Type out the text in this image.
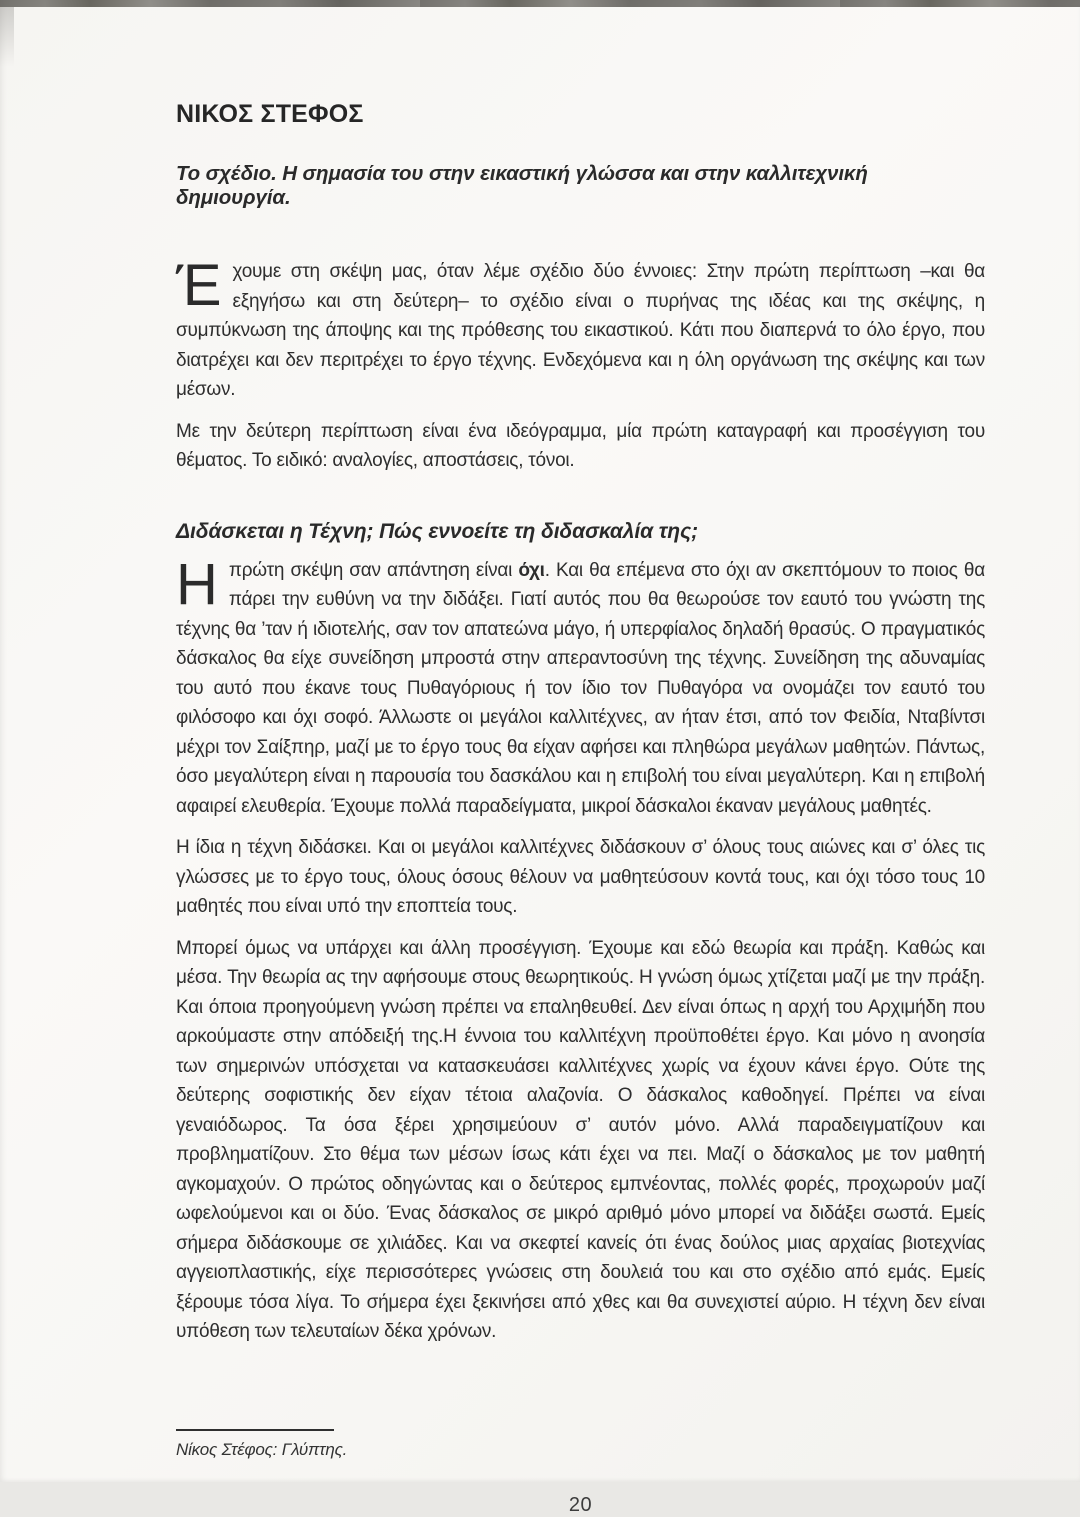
ΝΙΚΟΣ ΣΤΕΦΟΣ
Το σχέδιο. Η σημασία του στην εικαστική γλώσσα και στην καλλιτεχνική δημιουργία.

Έχουμε στη σκέψη μας, όταν λέμε σχέδιο δύο έννοιες: Στην πρώτη περίπτωση –και θα εξηγήσω και στη δεύτερη– το σχέδιο είναι ο πυρήνας της ιδέας και της σκέψης, η συμπύκνωση της άποψης και της πρόθεσης του εικαστικού. Κάτι που διαπερνά το όλο έργο, που διατρέχει και δεν περιτρέχει το έργο τέχνης. Ενδεχόμενα και η όλη οργάνωση της σκέψης και των μέσων.

Με την δεύτερη περίπτωση είναι ένα ιδεόγραμμα, μία πρώτη καταγραφή και προσέγγιση του θέματος. Το ειδικό: αναλογίες, αποστάσεις, τόνοι.

Διδάσκεται η Τέχνη; Πώς εννοείτε τη διδασκαλία της;

Ηπρώτη σκέψη σαν απάντηση είναι όχι. Και θα επέμενα στο όχι αν σκεπτόμουν το ποιος θα πάρει την ευθύνη να την διδάξει. Γιατί αυτός που θα θεωρούσε τον εαυτό του γνώστη της τέχνης θα ’ταν ή ιδιοτελής, σαν τον απατεώνα μάγο, ή υπερφίαλος δηλαδή θρασύς. Ο πραγματικός δάσκαλος θα είχε συνείδηση μπροστά στην απεραντοσύνη της τέχνης. Συνείδηση της αδυναμίας του αυτό που έκανε τους Πυθαγόριους ή τον ίδιο τον Πυθαγόρα να ονομάζει τον εαυτό του φιλόσοφο και όχι σοφό. Άλλωστε οι μεγάλοι καλλιτέχνες, αν ήταν έτσι, από τον Φειδία, Νταβίντσι μέχρι τον Σαίξπηρ, μαζί με το έργο τους θα είχαν αφήσει και πληθώρα μεγάλων μαθητών. Πάντως, όσο μεγαλύτερη είναι η παρουσία του δασκάλου και η επιβολή του είναι μεγαλύτερη. Και η επιβολή αφαιρεί ελευθερία. Έχουμε πολλά παραδείγματα, μικροί δάσκαλοι έκαναν μεγάλους μαθητές.

Η ίδια η τέχνη διδάσκει. Και οι μεγάλοι καλλιτέχνες διδάσκουν σ’ όλους τους αιώνες και σ’ όλες τις γλώσσες με το έργο τους, όλους όσους θέλουν να μαθητεύσουν κοντά τους, και όχι τόσο τους 10 μαθητές που είναι υπό την εποπτεία τους.

Μπορεί όμως να υπάρχει και άλλη προσέγγιση. Έχουμε και εδώ θεωρία και πράξη. Καθώς και μέσα. Την θεωρία ας την αφήσουμε στους θεωρητικούς. Η γνώση όμως χτίζεται μαζί με την πράξη. Και όποια προηγούμενη γνώση πρέπει να επαληθευθεί. Δεν είναι όπως η αρχή του Αρχιμήδη που αρκούμαστε στην απόδειξή της.Η έννοια του καλλιτέχνη προϋποθέτει έργο. Και μόνο η ανοησία των σημερινών υπόσχεται να κατασκευάσει καλλιτέχνες χωρίς να έχουν κάνει έργο. Ούτε της δεύτερης σοφιστικής δεν είχαν τέτοια αλαζονία. Ο δάσκαλος καθοδηγεί. Πρέπει να είναι γεναιόδωρος. Τα όσα ξέρει χρησιμεύουν σ’ αυτόν μόνο. Αλλά παραδειγματίζουν και προβληματίζουν. Στο θέμα των μέσων ίσως κάτι έχει να πει. Μαζί ο δάσκαλος με τον μαθητή αγκομαχούν. Ο πρώτος οδηγώντας και ο δεύτερος εμπνέοντας, πολλές φορές, προχωρούν μαζί ωφελούμενοι και οι δύο. Ένας δάσκαλος σε μικρό αριθμό μόνο μπορεί να διδάξει σωστά. Εμείς σήμερα διδάσκουμε σε χιλιάδες. Και να σκεφτεί κανείς ότι ένας δούλος μιας αρχαίας βιοτεχνίας αγγειοπλαστικής, είχε περισσότερες γνώσεις στη δουλειά του και στο σχέδιο από εμάς. Εμείς ξέρουμε τόσα λίγα. Το σήμερα έχει ξεκινήσει από χθες και θα συνεχιστεί αύριο. Η τέχνη δεν είναι υπόθεση των τελευταίων δέκα χρόνων.

Νίκος Στέφος: Γλύπτης.

20
